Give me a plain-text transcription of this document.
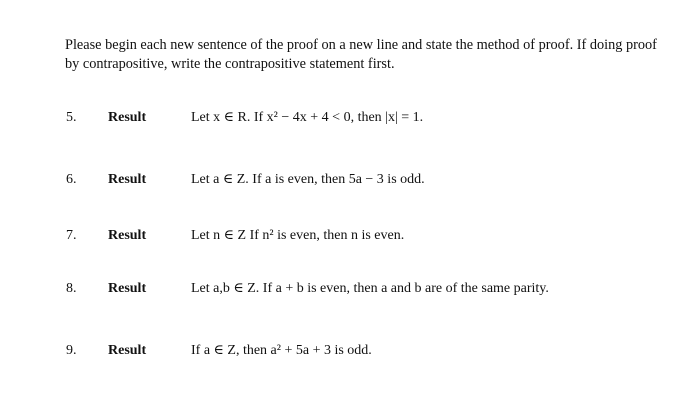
Please begin each new sentence of the proof on a new line and state the method of proof. If doing proof by contrapositive, write the contrapositive statement first.
5. Result	Let x ∈ R. If x² − 4x + 4 < 0, then |x| = 1.
6. Result	Let a ∈ Z. If a is even, then 5a − 3 is odd.
7. Result	Let n ∈ Z If n² is even, then n is even.
8. Result	Let a,b ∈ Z. If a + b is even, then a and b are of the same parity.
9. Result	If a ∈ Z, then a² + 5a + 3 is odd.
